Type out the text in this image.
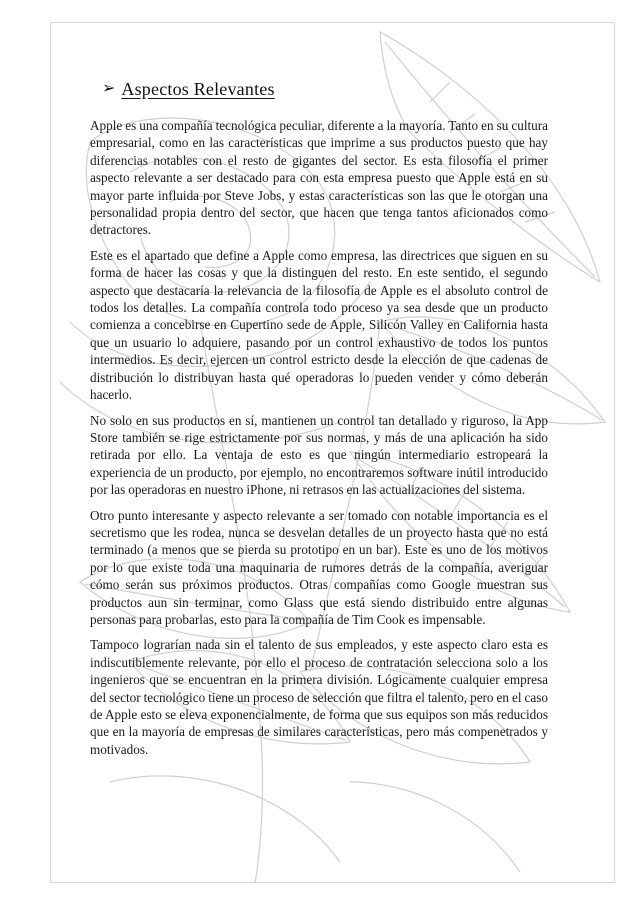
➢ Aspectos Relevantes

Apple es una compañía tecnológica peculiar, diferente a la mayoría. Tanto en su cultura empresarial, como en las características que imprime a sus productos puesto que hay diferencias notables con el resto de gigantes del sector. Es esta filosofía el primer aspecto relevante a ser destacado para con esta empresa puesto que Apple está en su mayor parte influida por Steve Jobs, y estas características son las que le otorgan una personalidad propia dentro del sector, que hacen que tenga tantos aficionados como detractores.

Este es el apartado que define a Apple como empresa, las directrices que siguen en su forma de hacer las cosas y que la distinguen del resto. En este sentido, el segundo aspecto que destacaría la relevancia de la filosofía de Apple es el absoluto control de todos los detalles. La compañía controla todo proceso ya sea desde que un producto comienza a concebirse en Cupertino sede de Apple, Silicón Valley en California hasta que un usuario lo adquiere, pasando por un control exhaustivo de todos los puntos intermedios. Es decir, ejercen un control estricto desde la elección de que cadenas de distribución lo distribuyan hasta qué operadoras lo pueden vender y cómo deberán hacerlo.

No solo en sus productos en sí, mantienen un control tan detallado y riguroso, la App Store también se rige estrictamente por sus normas, y más de una aplicación ha sido retirada por ello. La ventaja de esto es que ningún intermediario estropeará la experiencia de un producto, por ejemplo, no encontraremos software inútil introducido por las operadoras en nuestro iPhone, ni retrasos en las actualizaciones del sistema.

Otro punto interesante y aspecto relevante a ser tomado con notable importancia es el secretismo que les rodea, nunca se desvelan detalles de un proyecto hasta que no está terminado (a menos que se pierda su prototipo en un bar). Este es uno de los motivos por lo que existe toda una maquinaria de rumores detrás de la compañía, averiguar cómo serán sus próximos productos. Otras compañías como Google muestran sus productos aun sin terminar, como Glass que está siendo distribuido entre algunas personas para probarlas, esto para la compañía de Tim Cook es impensable.

Tampoco lograrían nada sin el talento de sus empleados, y este aspecto claro esta es indiscutiblemente relevante, por ello el proceso de contratación selecciona solo a los ingenieros que se encuentran en la primera división. Lógicamente cualquier empresa del sector tecnológico tiene un proceso de selección que filtra el talento, pero en el caso de Apple esto se eleva exponencialmente, de forma que sus equipos son más reducidos que en la mayoría de empresas de similares características, pero más compenetrados y motivados.
